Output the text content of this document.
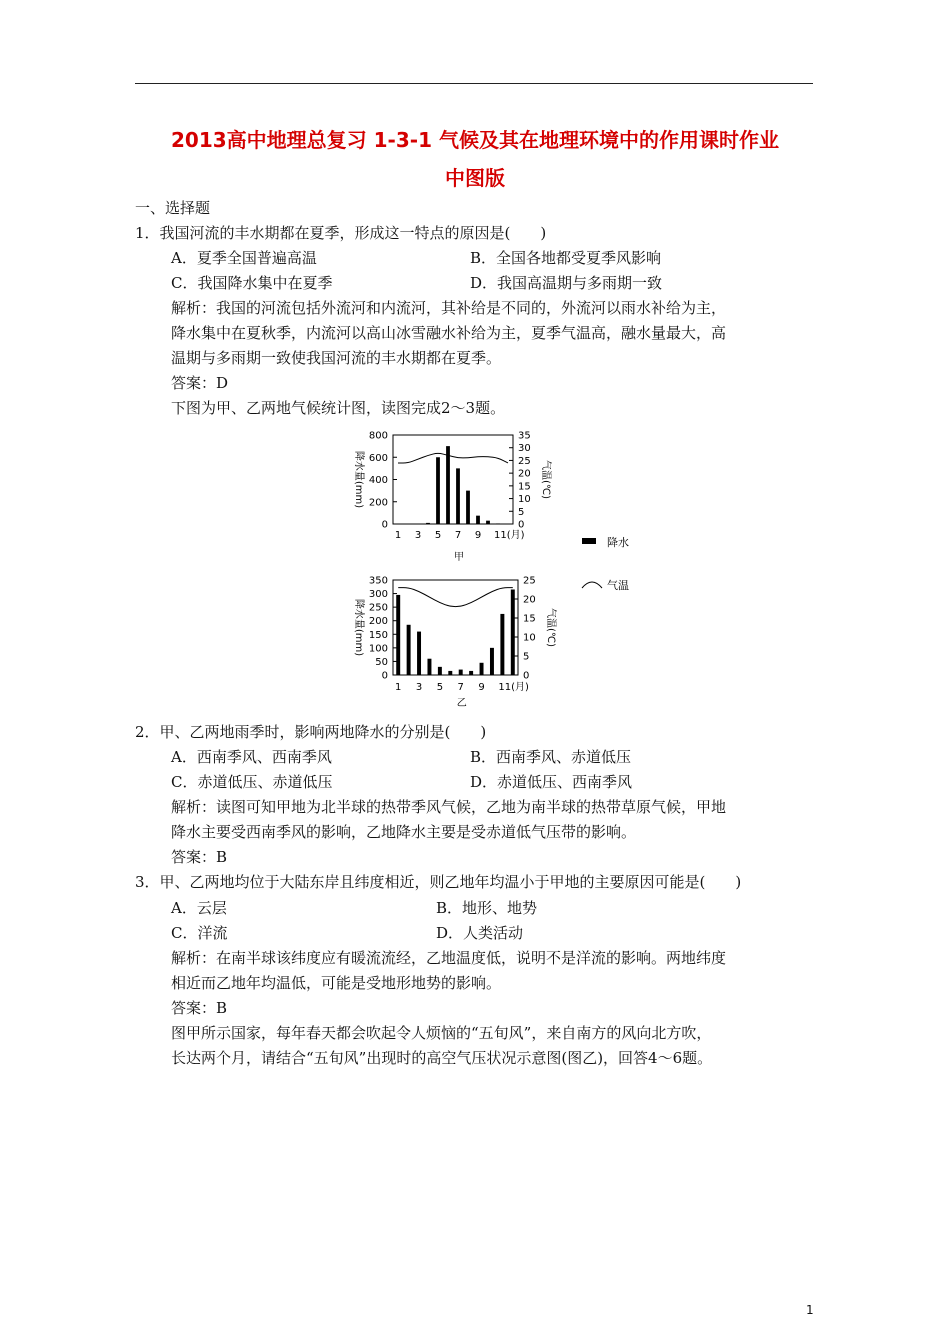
2013高中地理总复习 1-3-1 气候及其在地理环境中的作用课时作业
中图版
一、选择题
1．我国河流的丰水期都在夏季，形成这一特点的原因是(　　)
A．夏季全国普遍高温	B．全国各地都受夏季风影响
C．我国降水集中在夏季	D．我国高温期与多雨期一致
解析：我国的河流包括外流河和内流河，其补给是不同的，外流河以雨水补给为主，
降水集中在夏秋季，内流河以高山冰雪融水补给为主，夏季气温高，融水量最大，高
温期与多雨期一致使我国河流的丰水期都在夏季。
答案：D
下图为甲、乙两地气候统计图，读图完成2～3题。
0
200
400
600
800
0
5
10
15
20
25
30
35
1 3 5 7 9 11(月)
甲
降水量(mm)	气温(℃)
0
50
100
150
200
250
300
350
0
5
10
15
20
25
1 3 5 7 9 11(月)
乙
降水量(mm)	气温(℃)
降水
气温
2．甲、乙两地雨季时，影响两地降水的分别是(　　)
A．西南季风、西南季风	B．西南季风、赤道低压
C．赤道低压、赤道低压	D．赤道低压、西南季风
解析：读图可知甲地为北半球的热带季风气候，乙地为南半球的热带草原气候，甲地
降水主要受西南季风的影响，乙地降水主要是受赤道低气压带的影响。
答案：B
3．甲、乙两地均位于大陆东岸且纬度相近，则乙地年均温小于甲地的主要原因可能是(　　)
A．云层	B．地形、地势
C．洋流	D．人类活动
解析：在南半球该纬度应有暖流流经，乙地温度低，说明不是洋流的影响。两地纬度
相近而乙地年均温低，可能是受地形地势的影响。
答案：B
图甲所示国家，每年春天都会吹起令人烦恼的“五旬风”，来自南方的风向北方吹，
长达两个月，请结合“五旬风”出现时的高空气压状况示意图(图乙)，回答4～6题。
1
